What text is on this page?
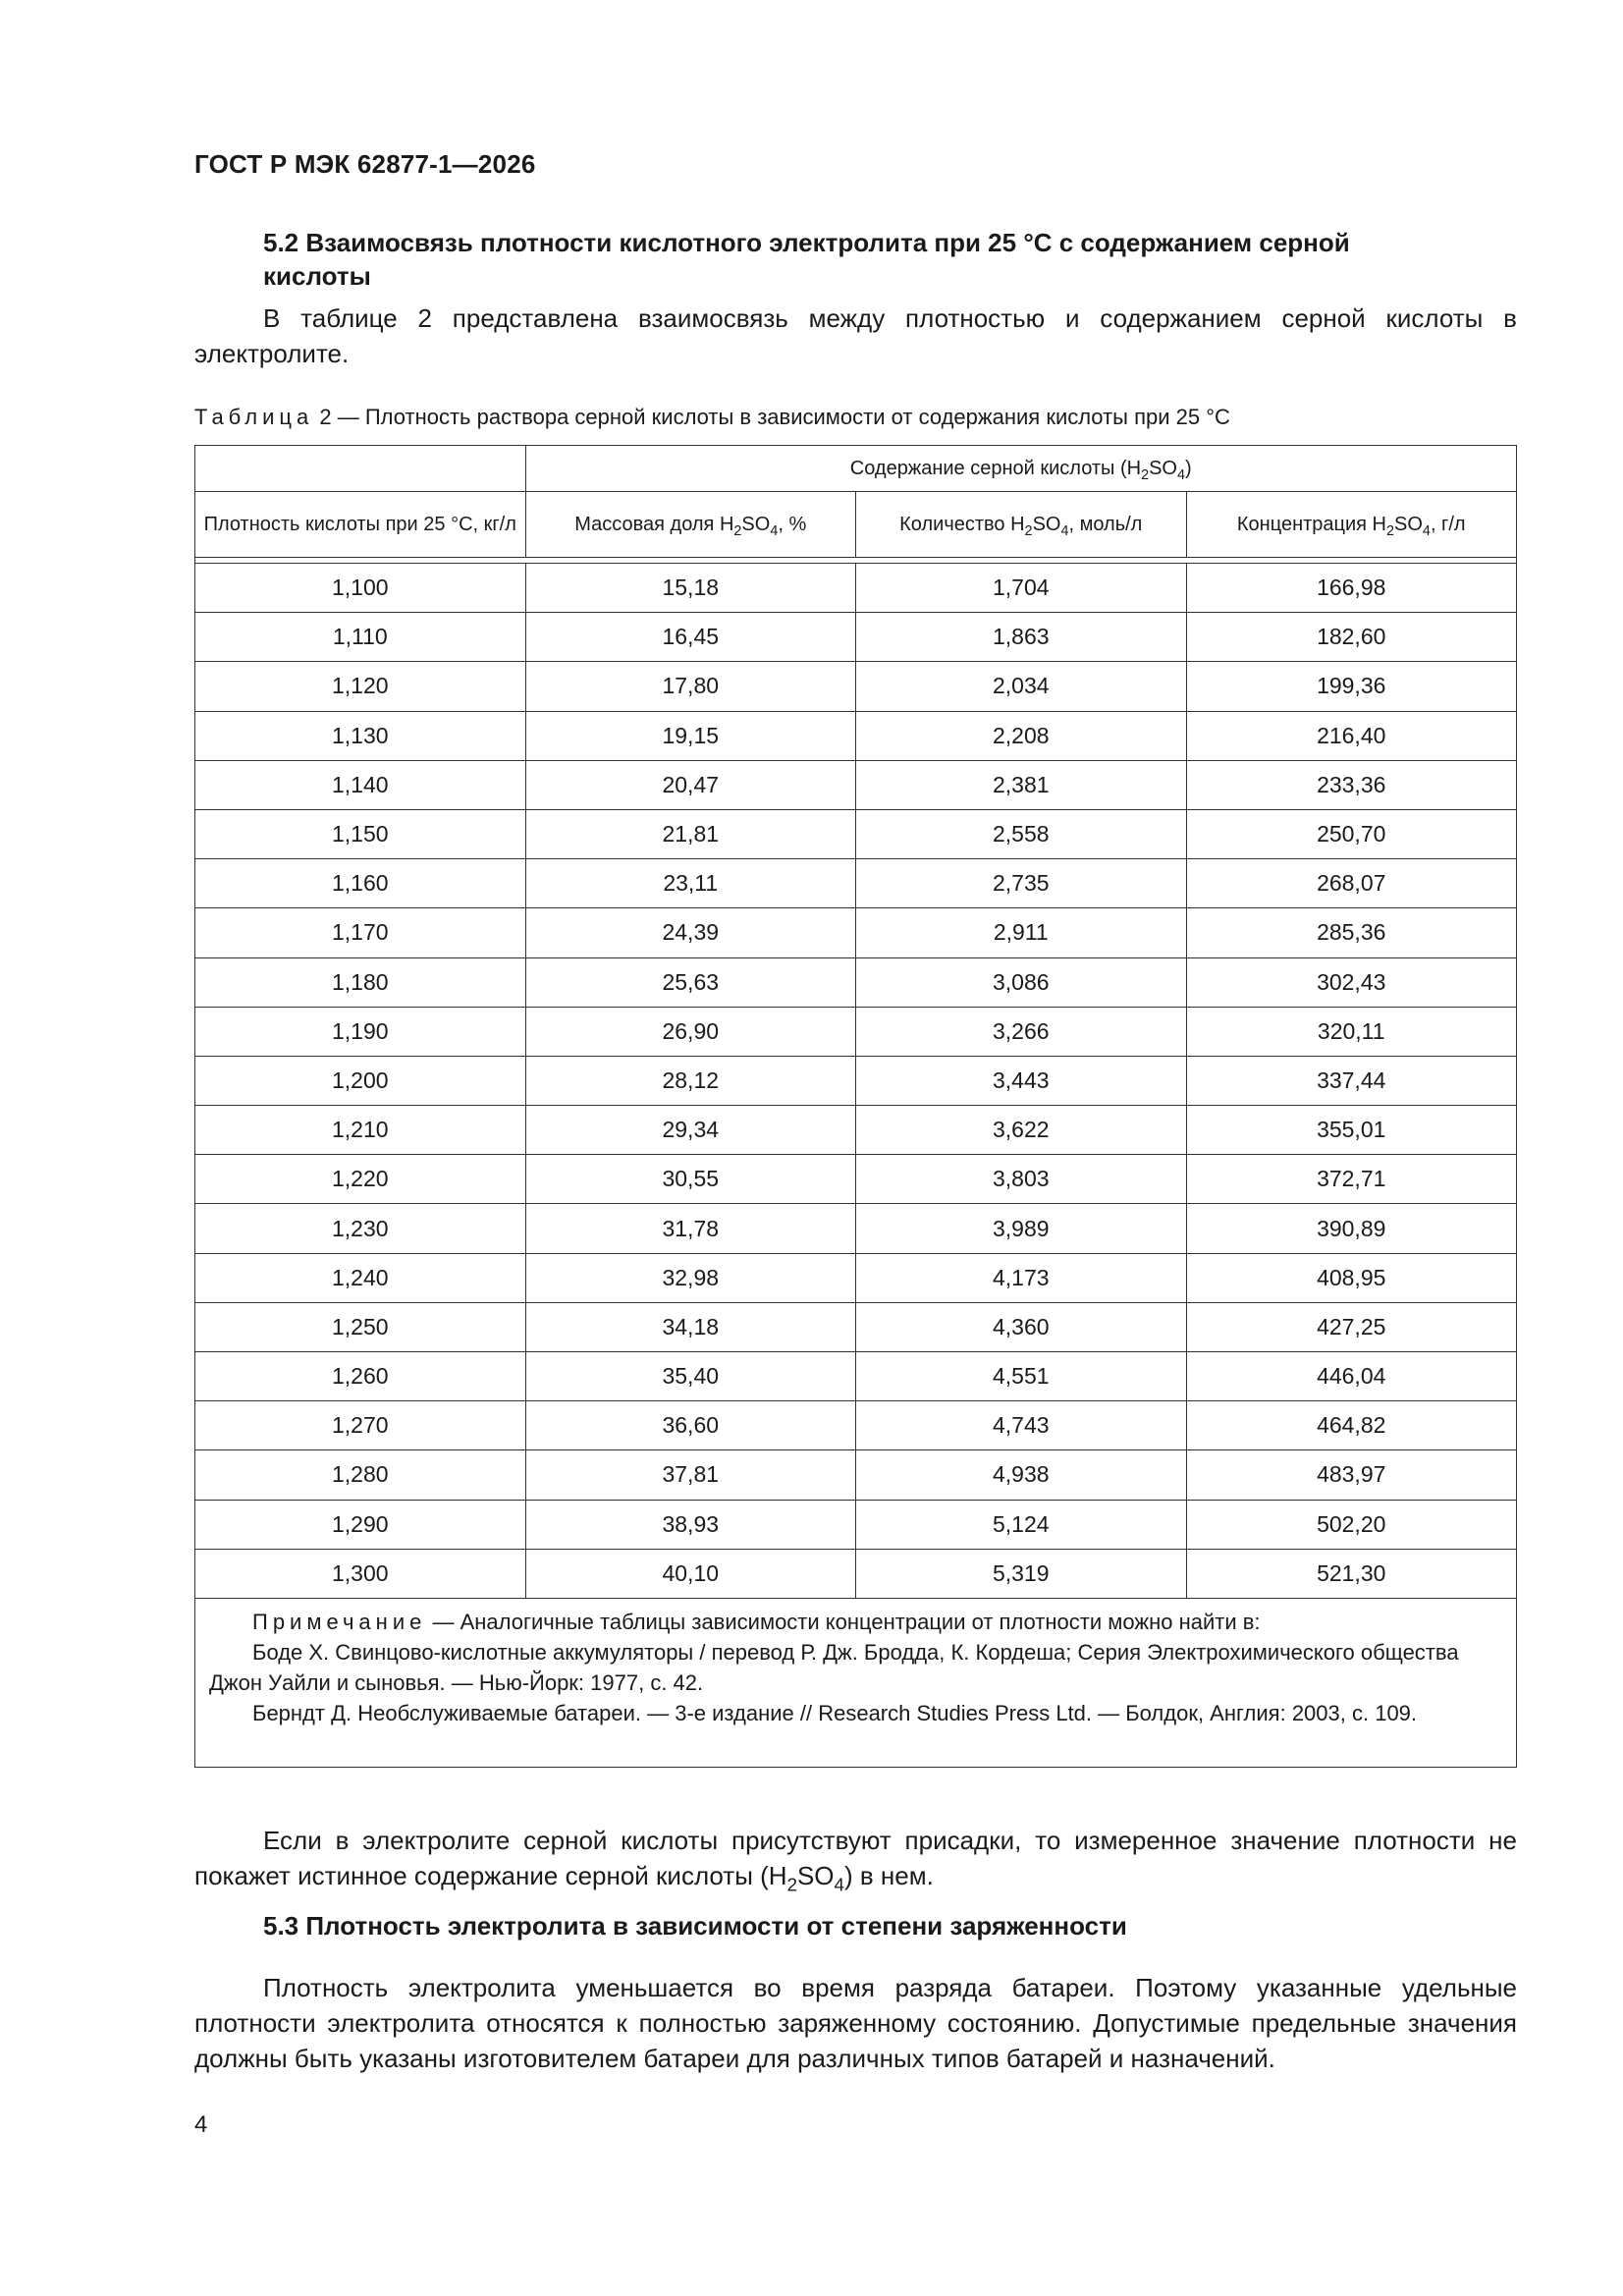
ГОСТ Р МЭК 62877-1—2026
5.2 Взаимосвязь плотности кислотного электролита при 25 °C с содержанием серной кислоты
В таблице 2 представлена взаимосвязь между плотностью и содержанием серной кислоты в электролите.
Таблица 2 — Плотность раствора серной кислоты в зависимости от содержания кислоты при 25 °C
	Содержание серной кислоты $(H_2SO_4)$		
Плотность кислоты при 25 °C, кг/л	Массовая доля $H_2SO_4$, %	Количество $H_2SO_4$, моль/л	Концентрация $H_2SO_4$, г/л

1,100	15,18	1,704	166,98
1,110	16,45	1,863	182,60
1,120	17,80	2,034	199,36
1,130	19,15	2,208	216,40
1,140	20,47	2,381	233,36
1,150	21,81	2,558	250,70
1,160	23,11	2,735	268,07
1,170	24,39	2,911	285,36
1,180	25,63	3,086	302,43
1,190	26,90	3,266	320,11
1,200	28,12	3,443	337,44
1,210	29,34	3,622	355,01
1,220	30,55	3,803	372,71
1,230	31,78	3,989	390,89
1,240	32,98	4,173	408,95
1,250	34,18	4,360	427,25
1,260	35,40	4,551	446,04
1,270	36,60	4,743	464,82
1,280	37,81	4,938	483,97
1,290	38,93	5,124	502,20
1,300	40,10	5,319	521,30

Примечание — Аналогичные таблицы зависимости концентрации от плотности можно найти в:
Боде Х. Свинцово-кислотные аккумуляторы / перевод Р. Дж. Бродда, К. Кордеша; Серия Электрохимического общества Джон Уайли и сыновья. — Нью-Йорк: 1977, с. 42.
Берндт Д. Необслуживаемые батареи. — 3-е издание // Research Studies Press Ltd. — Болдок, Англия: 2003, с. 109.			
Если в электролите серной кислоты присутствуют присадки, то измеренное значение плотности не покажет истинное содержание серной кислоты $(H_2SO_4)$ в нем.
5.3 Плотность электролита в зависимости от степени заряженности
Плотность электролита уменьшается во время разряда батареи. Поэтому указанные удельные плотности электролита относятся к полностью заряженному состоянию. Допустимые предельные значения должны быть указаны изготовителем батареи для различных типов батарей и назначений.
4
